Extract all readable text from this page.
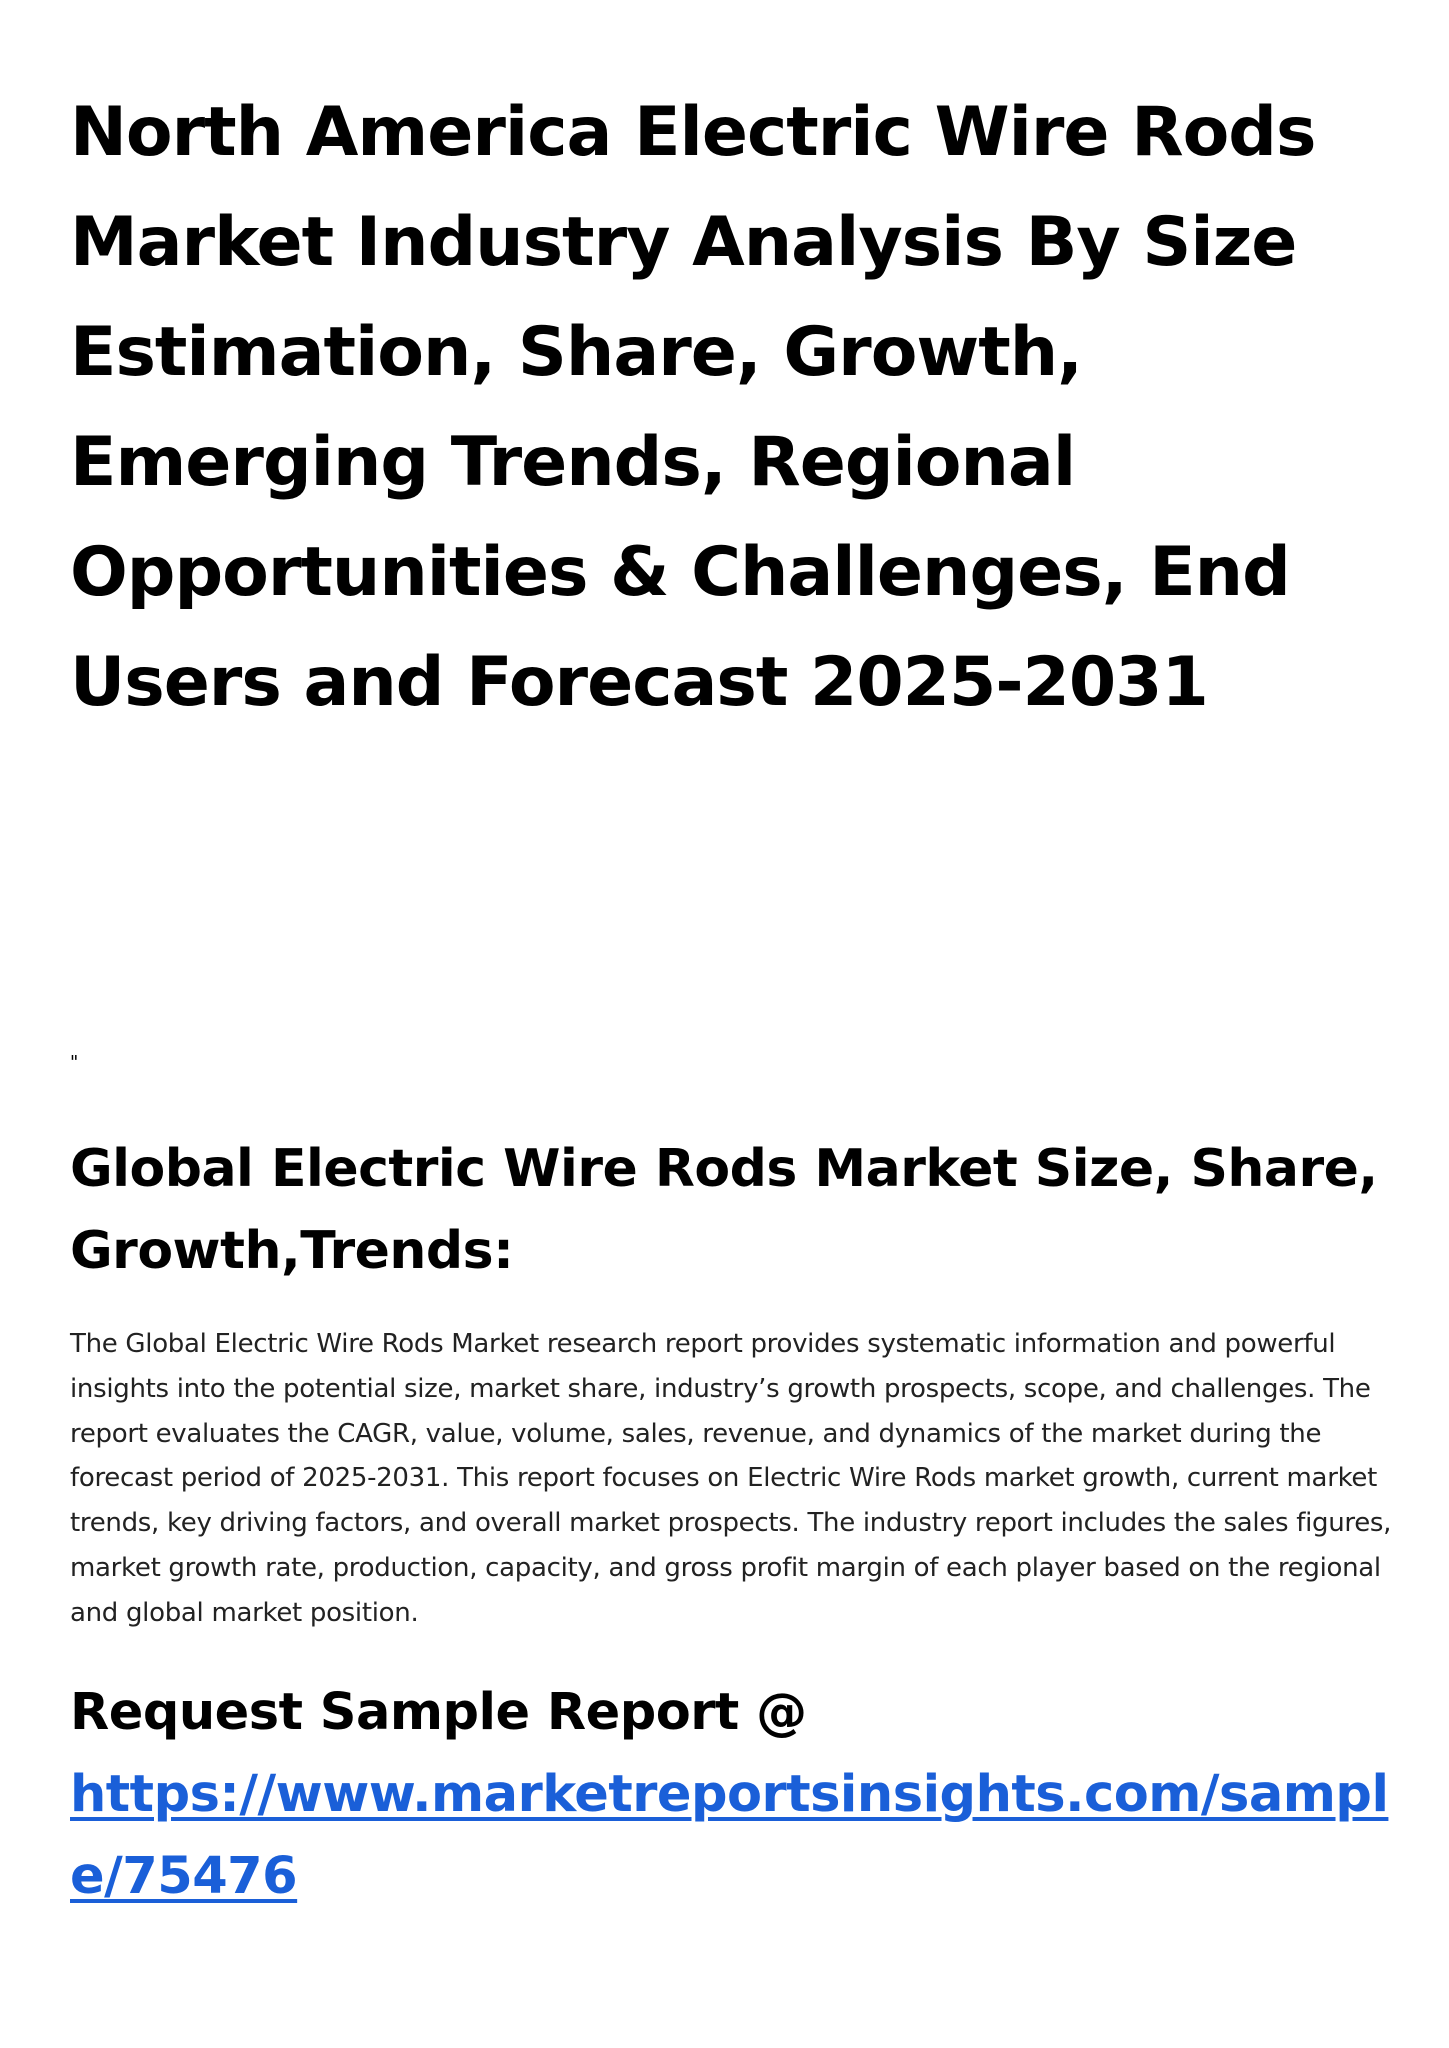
North America Electric Wire Rods Market Industry Analysis By Size Estimation, Share, Growth, Emerging Trends, Regional Opportunities & Challenges, End Users and Forecast 2025-2031
"
Global Electric Wire Rods Market Size, Share, Growth,Trends:

The Global Electric Wire Rods Market research report provides systematic information and powerful insights into the potential size, market share, industry’s growth prospects, scope, and challenges. The report evaluates the CAGR, value, volume, sales, revenue, and dynamics of the market during the forecast period of 2025-2031. This report focuses on Electric Wire Rods market growth, current market trends, key driving factors, and overall market prospects. The industry report includes the sales figures, market growth rate, production, capacity, and gross profit margin of each player based on the regional and global market position.

Request Sample Report @
https://www.marketreportsinsights.com/sample/75476
